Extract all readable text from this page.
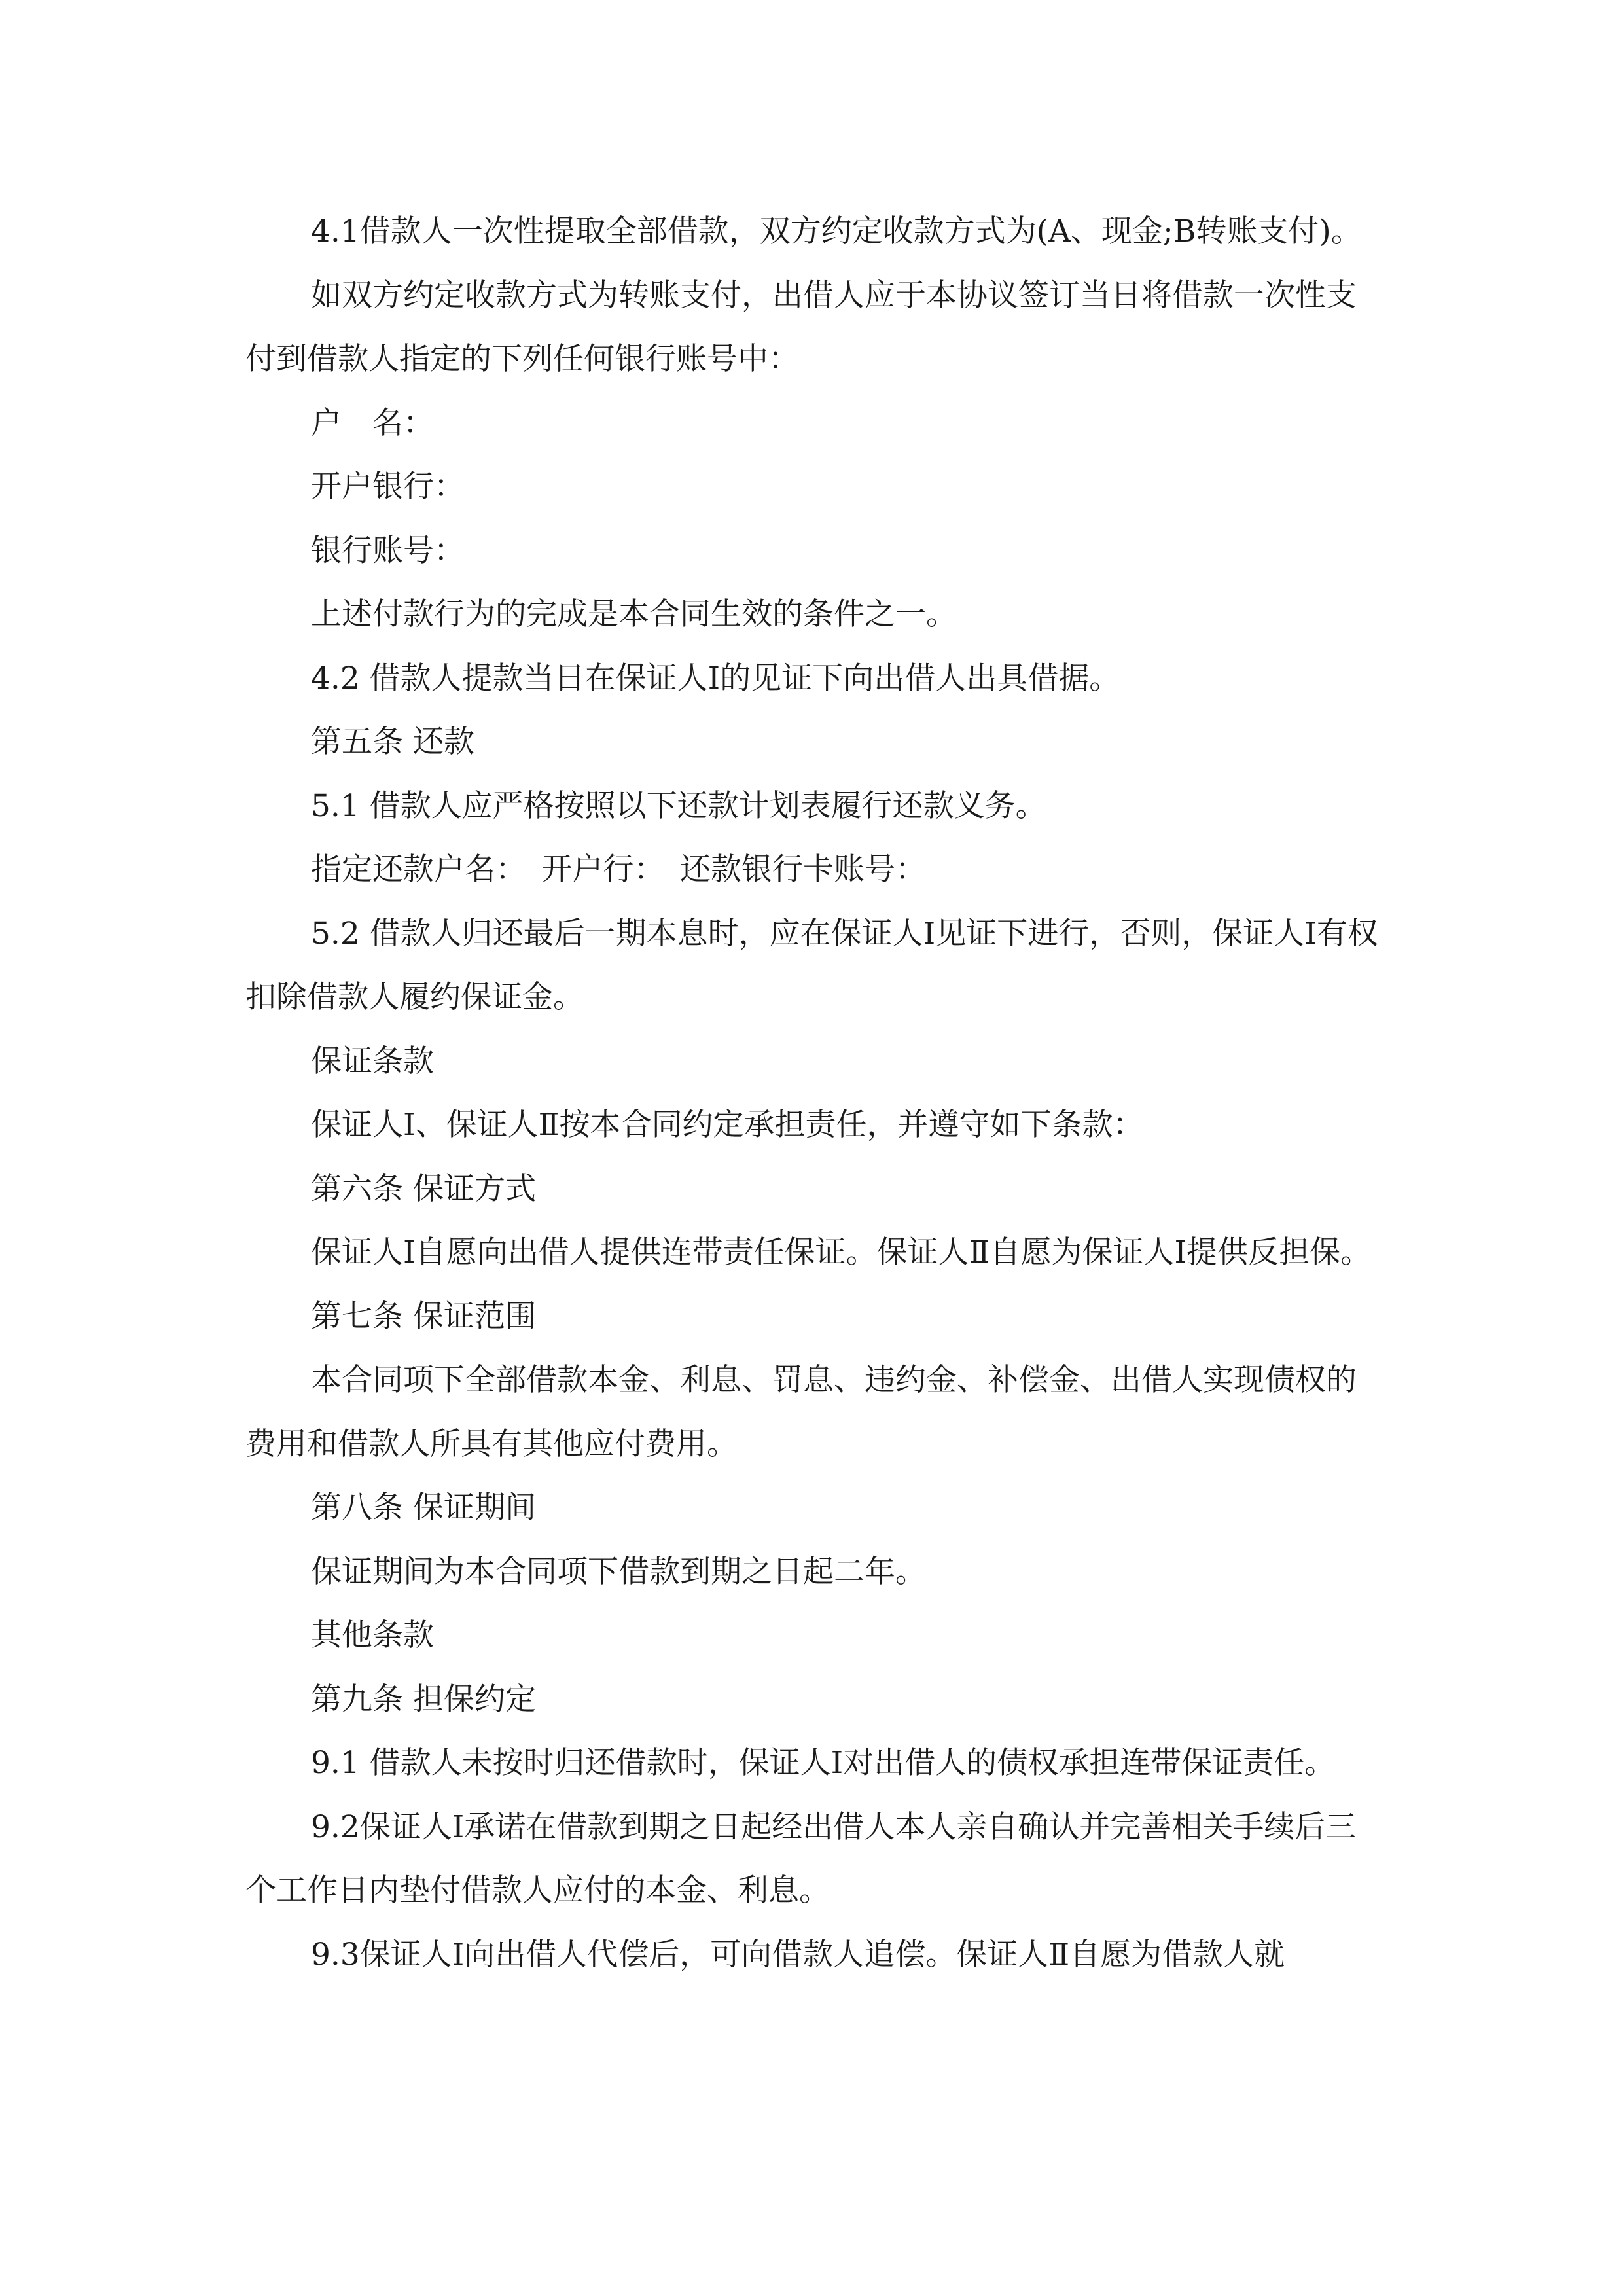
4.1借款人一次性提取全部借款，双方约定收款方式为(A、现金;B转账支付)。

如双方约定收款方式为转账支付，出借人应于本协议签订当日将借款一次性支付到借款人指定的下列任何银行账号中：

户　名：

开户银行：

银行账号：

上述付款行为的完成是本合同生效的条件之一。

4.2 借款人提款当日在保证人Ⅰ的见证下向出借人出具借据。

第五条 还款

5.1 借款人应严格按照以下还款计划表履行还款义务。

指定还款户名：　开户行：　还款银行卡账号：

5.2 借款人归还最后一期本息时，应在保证人Ⅰ见证下进行，否则，保证人Ⅰ有权扣除借款人履约保证金。

保证条款

保证人Ⅰ、保证人Ⅱ按本合同约定承担责任，并遵守如下条款：

第六条 保证方式

保证人Ⅰ自愿向出借人提供连带责任保证。保证人Ⅱ自愿为保证人Ⅰ提供反担保。

第七条 保证范围

本合同项下全部借款本金、利息、罚息、违约金、补偿金、出借人实现债权的费用和借款人所具有其他应付费用。

第八条 保证期间

保证期间为本合同项下借款到期之日起二年。

其他条款

第九条 担保约定

9.1 借款人未按时归还借款时，保证人Ⅰ对出借人的债权承担连带保证责任。

9.2保证人Ⅰ承诺在借款到期之日起经出借人本人亲自确认并完善相关手续后三个工作日内垫付借款人应付的本金、利息。

9.3保证人Ⅰ向出借人代偿后，可向借款人追偿。保证人Ⅱ自愿为借款人就
